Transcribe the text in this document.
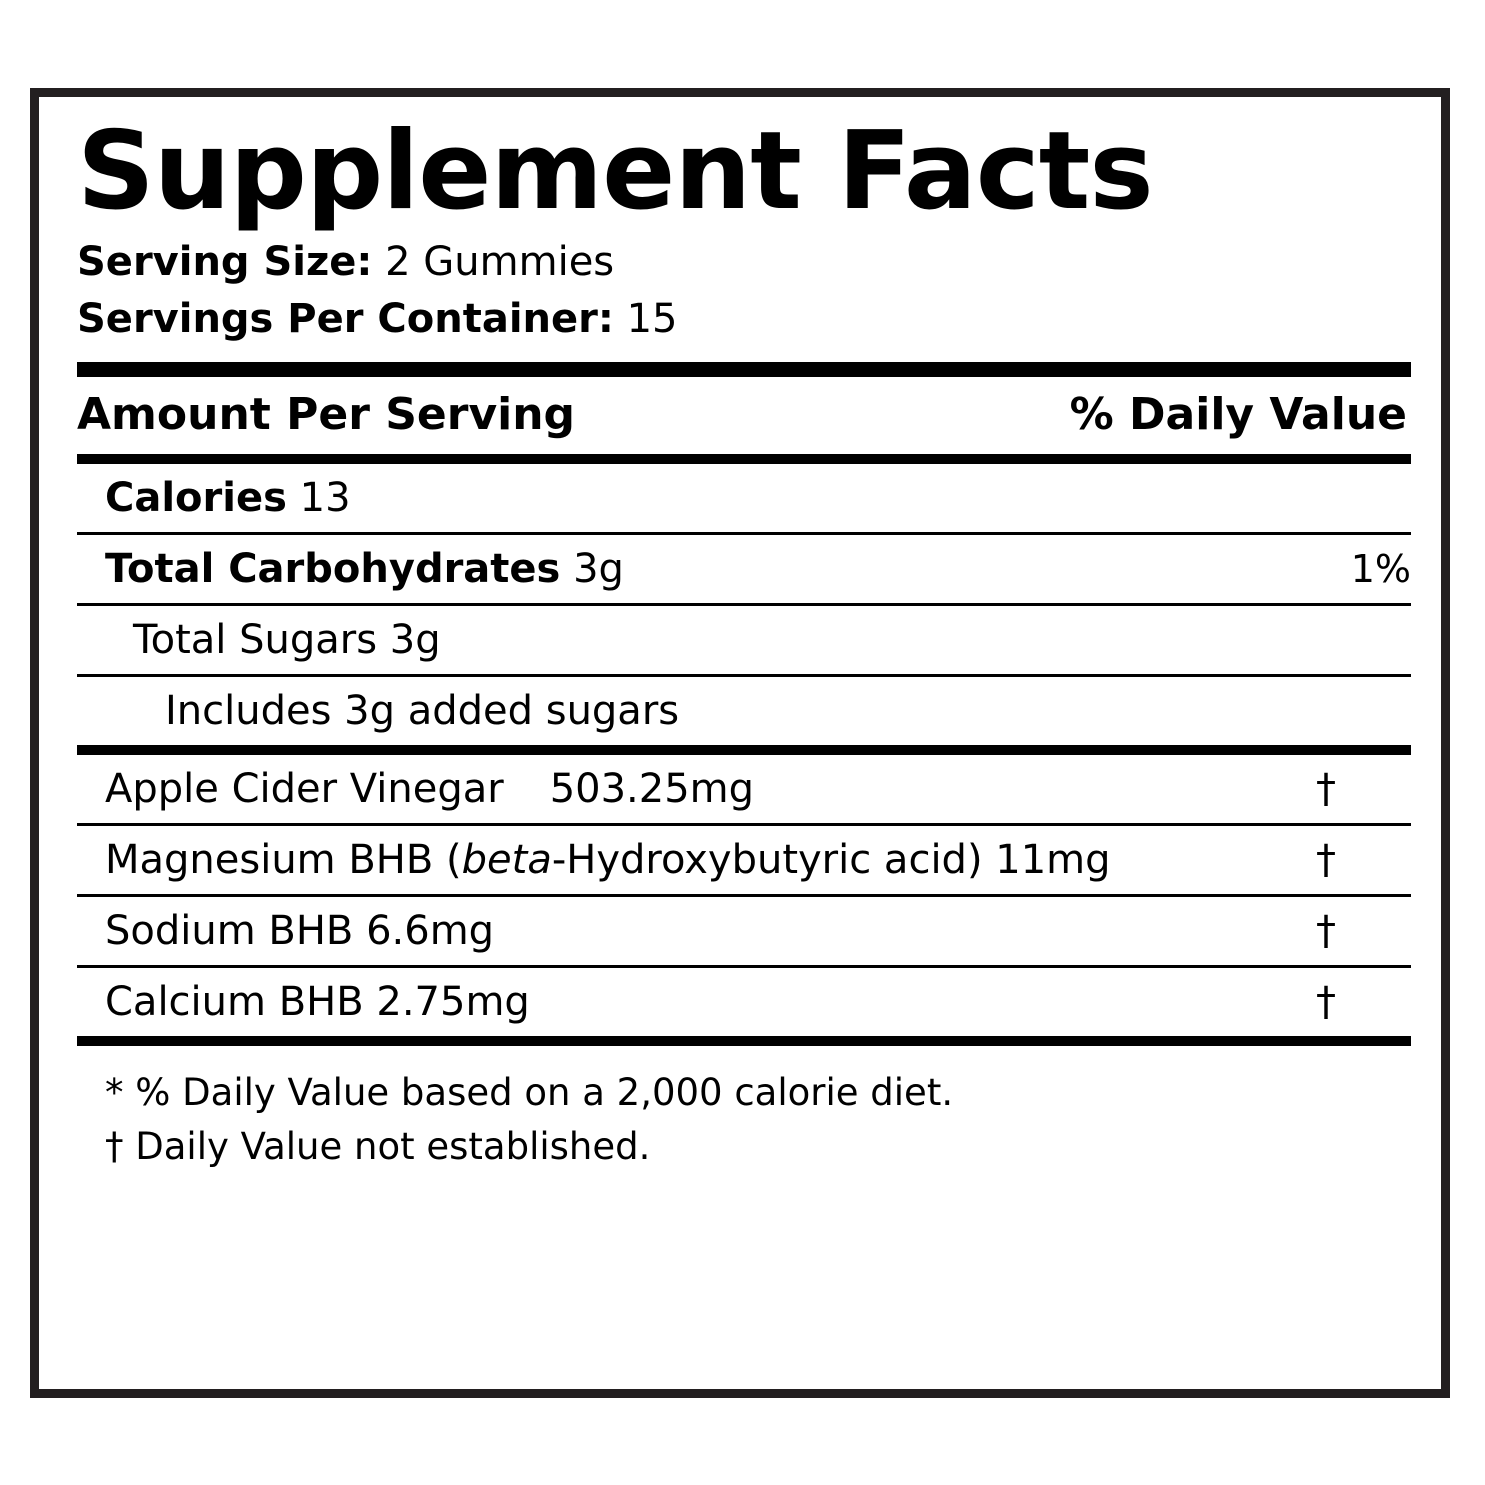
Supplement Facts
Serving Size: 2 Gummies
Servings Per Container: 15
Amount Per Serving	% Daily Value
Calories 13
Total Carbohydrates 3g	1%
Total Sugars 3g
Includes 3g added sugars
Apple Cider Vinegar 503.25mg	†
Magnesium BHB (beta-Hydroxybutyric acid) 11mg	†
Sodium BHB 6.6mg	†
Calcium BHB 2.75mg	†
* % Daily Value based on a 2,000 calorie diet.
† Daily Value not established.
